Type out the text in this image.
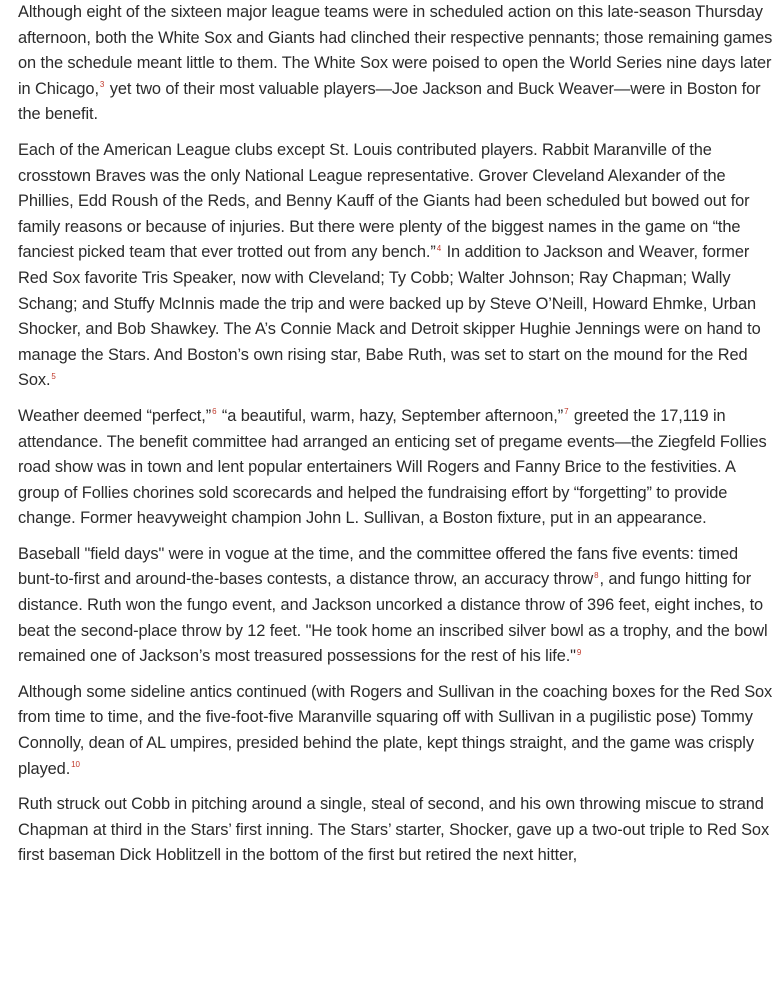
Although eight of the sixteen major league teams were in scheduled action on this late-season Thursday afternoon, both the White Sox and Giants had clinched their respective pennants; those remaining games on the schedule meant little to them. The White Sox were poised to open the World Series nine days later in Chicago,$^3$ yet two of their most valuable players—Joe Jackson and Buck Weaver—were in Boston for the benefit.

Each of the American League clubs except St. Louis contributed players. Rabbit Maranville of the crosstown Braves was the only National League representative. Grover Cleveland Alexander of the Phillies, Edd Roush of the Reds, and Benny Kauff of the Giants had been scheduled but bowed out for family reasons or because of injuries. But there were plenty of the biggest names in the game on “the fanciest picked team that ever trotted out from any bench.”$^4$ In addition to Jackson and Weaver, former Red Sox favorite Tris Speaker, now with Cleveland; Ty Cobb; Walter Johnson; Ray Chapman; Wally Schang; and Stuffy McInnis made the trip and were backed up by Steve O’Neill, Howard Ehmke, Urban Shocker, and Bob Shawkey. The A’s Connie Mack and Detroit skipper Hughie Jennings were on hand to manage the Stars. And Boston’s own rising star, Babe Ruth, was set to start on the mound for the Red Sox.$^5$

Weather deemed “perfect,”$^6$ “a beautiful, warm, hazy, September afternoon,”$^7$ greeted the 17,119 in attendance. The benefit committee had arranged an enticing set of pregame events—the Ziegfeld Follies road show was in town and lent popular entertainers Will Rogers and Fanny Brice to the festivities. A group of Follies chorines sold scorecards and helped the fundraising effort by “forgetting” to provide change. Former heavyweight champion John L. Sullivan, a Boston fixture, put in an appearance.

Baseball "field days" were in vogue at the time, and the committee offered the fans five events: timed bunt-to-first and around-the-bases contests, a distance throw, an accuracy throw$^8$, and fungo hitting for distance. Ruth won the fungo event, and Jackson uncorked a distance throw of 396 feet, eight inches, to beat the second-place throw by 12 feet. "He took home an inscribed silver bowl as a trophy, and the bowl remained one of Jackson’s most treasured possessions for the rest of his life."$^9$

Although some sideline antics continued (with Rogers and Sullivan in the coaching boxes for the Red Sox from time to time, and the five-foot-five Maranville squaring off with Sullivan in a pugilistic pose) Tommy Connolly, dean of AL umpires, presided behind the plate, kept things straight, and the game was crisply played.$^{10}$

Ruth struck out Cobb in pitching around a single, steal of second, and his own throwing miscue to strand Chapman at third in the Stars’ first inning. The Stars’ starter, Shocker, gave up a two-out triple to Red Sox first baseman Dick Hoblitzell in the bottom of the first but retired the next hitter,
